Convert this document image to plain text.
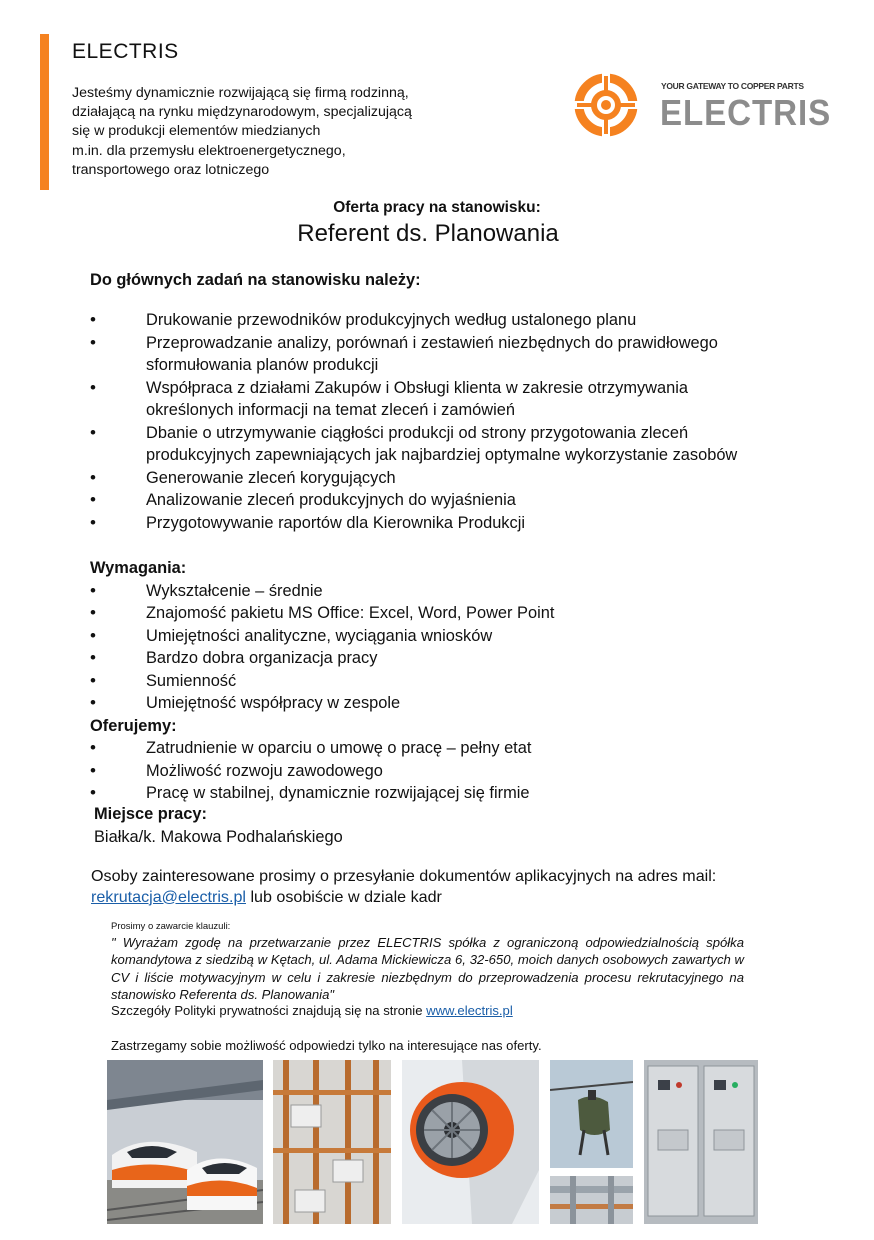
ELECTRIS
Jesteśmy dynamicznie rozwijającą się firmą rodzinną,
działającą na rynku międzynarodowym, specjalizującą
się w produkcji elementów miedzianych
m.in. dla przemysłu elektroenergetycznego,
transportowego oraz lotniczego
YOUR GATEWAY TO COPPER PARTS
ELECTRIS
Oferta pracy na stanowisku:
Referent ds. Planowania
Do głównych zadań na stanowisku należy:
• Drukowanie przewodników produkcyjnych według ustalonego planu
• Przeprowadzanie analizy, porównań i zestawień niezbędnych do prawidłowego sformułowania planów produkcji
• Współpraca z działami Zakupów i Obsługi klienta w zakresie otrzymywania określonych informacji na temat zleceń i zamówień
• Dbanie o utrzymywanie ciągłości produkcji od strony przygotowania zleceń produkcyjnych zapewniających jak najbardziej optymalne wykorzystanie zasobów
• Generowanie zleceń korygujących
• Analizowanie zleceń produkcyjnych do wyjaśnienia
• Przygotowywanie raportów dla Kierownika Produkcji
Wymagania:
• Wykształcenie – średnie
• Znajomość pakietu MS Office: Excel, Word, Power Point
• Umiejętności analityczne, wyciągania wniosków
• Bardzo dobra organizacja pracy
• Sumienność
• Umiejętność współpracy w zespole
Oferujemy:
• Zatrudnienie w oparciu o umowę o pracę – pełny etat
• Możliwość rozwoju zawodowego
• Pracę w stabilnej, dynamicznie rozwijającej się firmie
Miejsce pracy:
Białka/k. Makowa Podhalańskiego
Osoby zainteresowane prosimy o przesyłanie dokumentów aplikacyjnych na adres mail:
rekrutacja@electris.pl lub osobiście w dziale kadr
Prosimy o zawarcie klauzuli:
" Wyrażam zgodę na przetwarzanie przez ELECTRIS spółka z ograniczoną odpowiedzialnością spółka komandytowa z siedzibą w Kętach, ul. Adama Mickiewicza 6, 32-650, moich danych osobowych zawartych w CV i liście motywacyjnym w celu i zakresie niezbędnym do przeprowadzenia procesu rekrutacyjnego na stanowisko Referenta ds. Planowania"
Szczegóły Polityki prywatności znajdują się na stronie www.electris.pl
Zastrzegamy sobie możliwość odpowiedzi tylko na interesujące nas oferty.
